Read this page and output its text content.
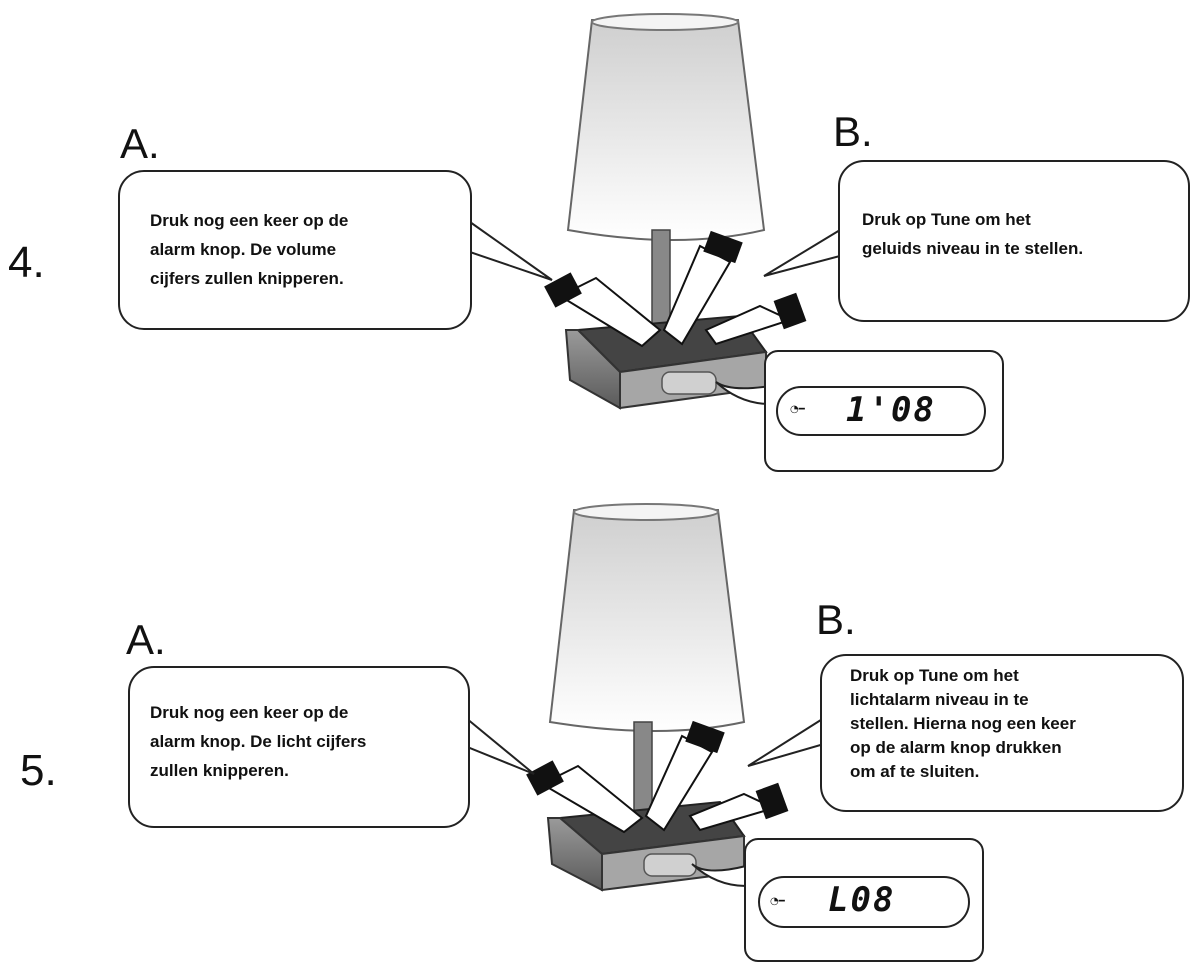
4.
A.	B.
Druk nog een keer op de
alarm knop. De volume
cijfers zullen knipperen.
Druk op Tune om het
geluids niveau in te stellen.
◔━ 1'08
5.
A.	B.
Druk nog een keer op de
alarm knop. De licht cijfers
zullen knipperen.
Druk op Tune om het
lichtalarm niveau in te
stellen. Hierna nog een keer
op de alarm knop drukken
om af te sluiten.
◔━ L08
